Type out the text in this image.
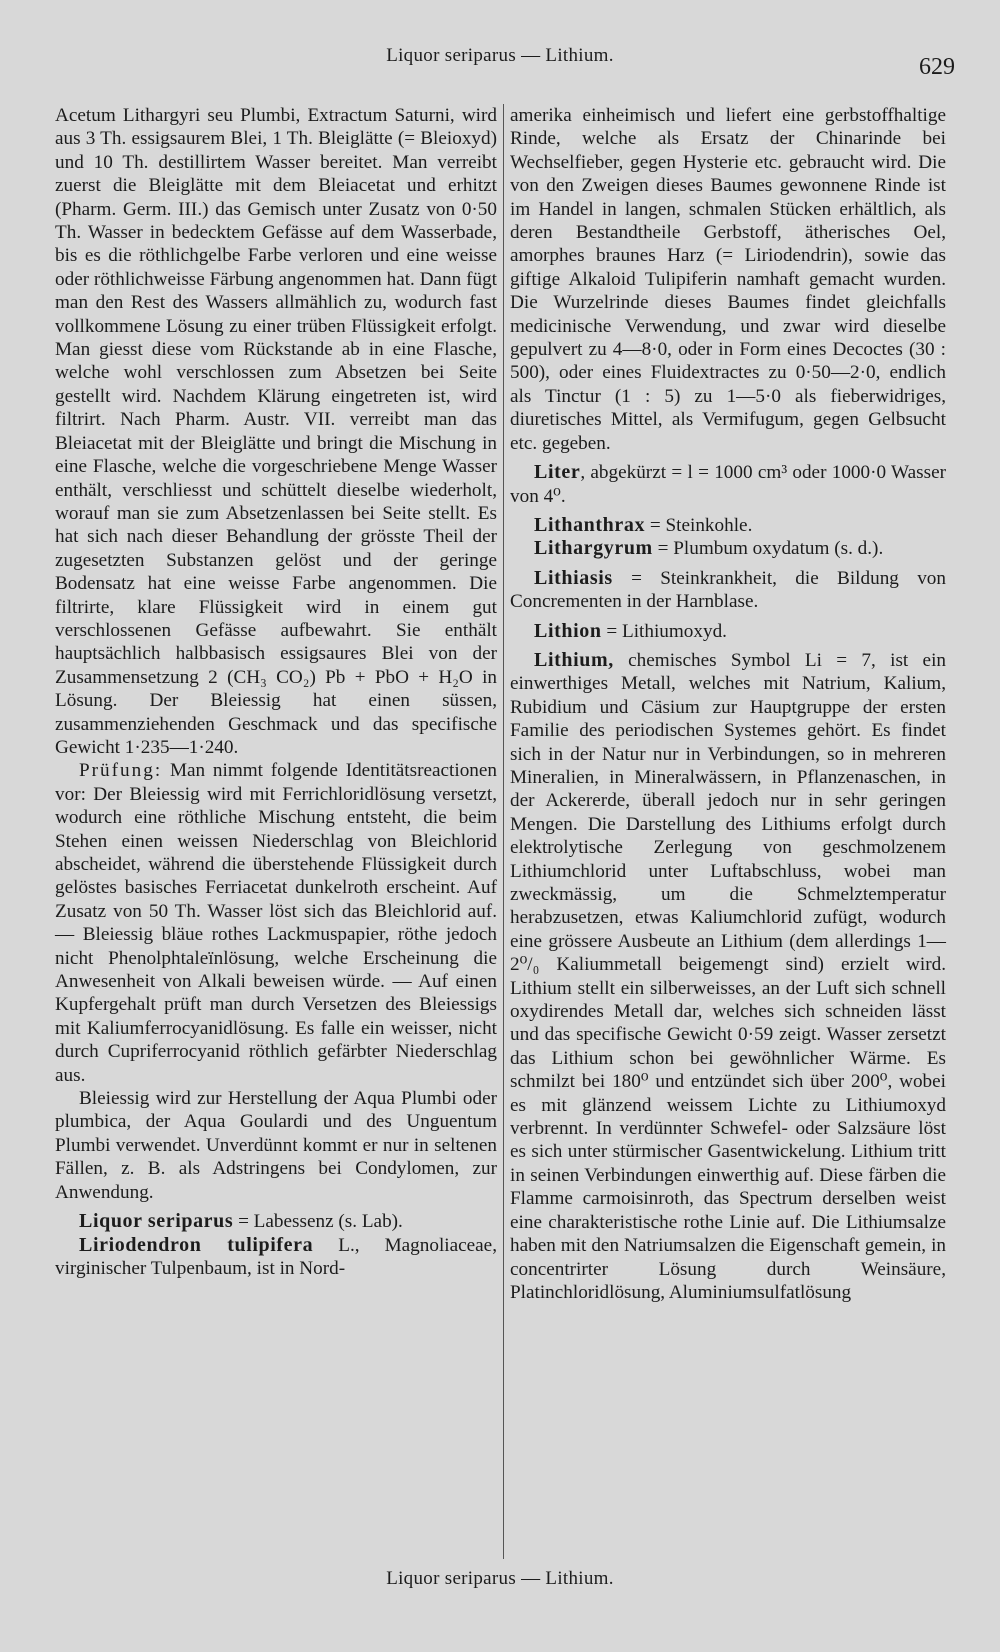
Liquor seriparus — Lithium.	629

Acetum Lithargyri seu Plumbi, Extractum Saturni, wird aus 3 Th. essigsaurem Blei, 1 Th. Bleiglätte (= Bleioxyd) und 10 Th. destillirtem Wasser bereitet. Man verreibt zuerst die Bleiglätte mit dem Bleiacetat und erhitzt (Pharm. Germ. III.) das Gemisch unter Zusatz von 0·50 Th. Wasser in bedecktem Gefässe auf dem Wasserbade, bis es die röthlichgelbe Farbe verloren und eine weisse oder röthlichweisse Färbung angenommen hat. Dann fügt man den Rest des Wassers allmählich zu, wodurch fast vollkommene Lösung zu einer trüben Flüssigkeit erfolgt. Man giesst diese vom Rückstande ab in eine Flasche, welche wohl verschlossen zum Absetzen bei Seite gestellt wird. Nachdem Klärung eingetreten ist, wird filtrirt. Nach Pharm. Austr. VII. verreibt man das Bleiacetat mit der Bleiglätte und bringt die Mischung in eine Flasche, welche die vorgeschriebene Menge Wasser enthält, verschliesst und schüttelt dieselbe wiederholt, worauf man sie zum Absetzenlassen bei Seite stellt. Es hat sich nach dieser Behandlung der grösste Theil der zugesetzten Substanzen gelöst und der geringe Bodensatz hat eine weisse Farbe angenommen. Die filtrirte, klare Flüssigkeit wird in einem gut verschlossenen Gefässe aufbewahrt. Sie enthält hauptsächlich halbbasisch essigsaures Blei von der Zusammensetzung 2 (CH₃ CO₂) Pb + PbO + H₂O in Lösung. Der Bleiessig hat einen süssen, zusammenziehenden Geschmack und das specifische Gewicht 1·235—1·240.

Prüfung: Man nimmt folgende Identitätsreactionen vor: Der Bleiessig wird mit Ferrichloridlösung versetzt, wodurch eine röthliche Mischung entsteht, die beim Stehen einen weissen Niederschlag von Bleichlorid abscheidet, während die überstehende Flüssigkeit durch gelöstes basisches Ferriacetat dunkelroth erscheint. Auf Zusatz von 50 Th. Wasser löst sich das Bleichlorid auf. — Bleiessig bläue rothes Lackmuspapier, röthe jedoch nicht Phenolphtaleïnlösung, welche Erscheinung die Anwesenheit von Alkali beweisen würde. — Auf einen Kupfergehalt prüft man durch Versetzen des Bleiessigs mit Kaliumferrocyanidlösung. Es falle ein weisser, nicht durch Cupriferrocyanid röthlich gefärbter Niederschlag aus.

Bleiessig wird zur Herstellung der Aqua Plumbi oder plumbica, der Aqua Goulardi und des Unguentum Plumbi verwendet. Unverdünnt kommt er nur in seltenen Fällen, z. B. als Adstringens bei Condylomen, zur Anwendung.

Liquor seriparus = Labessenz (s. Lab).

Liriodendron tulipifera L., Magnoliaceae, virginischer Tulpenbaum, ist in Nord-

amerika einheimisch und liefert eine gerbstoffhaltige Rinde, welche als Ersatz der Chinarinde bei Wechselfieber, gegen Hysterie etc. gebraucht wird. Die von den Zweigen dieses Baumes gewonnene Rinde ist im Handel in langen, schmalen Stücken erhältlich, als deren Bestandtheile Gerbstoff, ätherisches Oel, amorphes braunes Harz (= Liriodendrin), sowie das giftige Alkaloid Tulipiferin namhaft gemacht wurden. Die Wurzelrinde dieses Baumes findet gleichfalls medicinische Verwendung, und zwar wird dieselbe gepulvert zu 4—8·0, oder in Form eines Decoctes (30 : 500), oder eines Fluidextractes zu 0·50—2·0, endlich als Tinctur (1 : 5) zu 1—5·0 als fieberwidriges, diuretisches Mittel, als Vermifugum, gegen Gelbsucht etc. gegeben.

Liter, abgekürzt = l = 1000 cm³ oder 1000·0 Wasser von 4⁰.

Lithanthrax = Steinkohle.

Lithargyrum = Plumbum oxydatum (s. d.).

Lithiasis = Steinkrankheit, die Bildung von Concrementen in der Harnblase.

Lithion = Lithiumoxyd.

Lithium, chemisches Symbol Li = 7, ist ein einwerthiges Metall, welches mit Natrium, Kalium, Rubidium und Cäsium zur Hauptgruppe der ersten Familie des periodischen Systemes gehört. Es findet sich in der Natur nur in Verbindungen, so in mehreren Mineralien, in Mineralwässern, in Pflanzenaschen, in der Ackererde, überall jedoch nur in sehr geringen Mengen. Die Darstellung des Lithiums erfolgt durch elektrolytische Zerlegung von geschmolzenem Lithiumchlorid unter Luftabschluss, wobei man zweckmässig, um die Schmelztemperatur herabzusetzen, etwas Kaliumchlorid zufügt, wodurch eine grössere Ausbeute an Lithium (dem allerdings 1—2⁰/₀ Kaliummetall beigemengt sind) erzielt wird. Lithium stellt ein silberweisses, an der Luft sich schnell oxydirendes Metall dar, welches sich schneiden lässt und das specifische Gewicht 0·59 zeigt. Wasser zersetzt das Lithium schon bei gewöhnlicher Wärme. Es schmilzt bei 180⁰ und entzündet sich über 200⁰, wobei es mit glänzend weissem Lichte zu Lithiumoxyd verbrennt. In verdünnter Schwefel- oder Salzsäure löst es sich unter stürmischer Gasentwickelung. Lithium tritt in seinen Verbindungen einwerthig auf. Diese färben die Flamme carmoisinroth, das Spectrum derselben weist eine charakteristische rothe Linie auf. Die Lithiumsalze haben mit den Natriumsalzen die Eigenschaft gemein, in concentrirter Lösung durch Weinsäure, Platinchloridlösung, Aluminiumsulfatlösung

Liquor seriparus — Lithium.
